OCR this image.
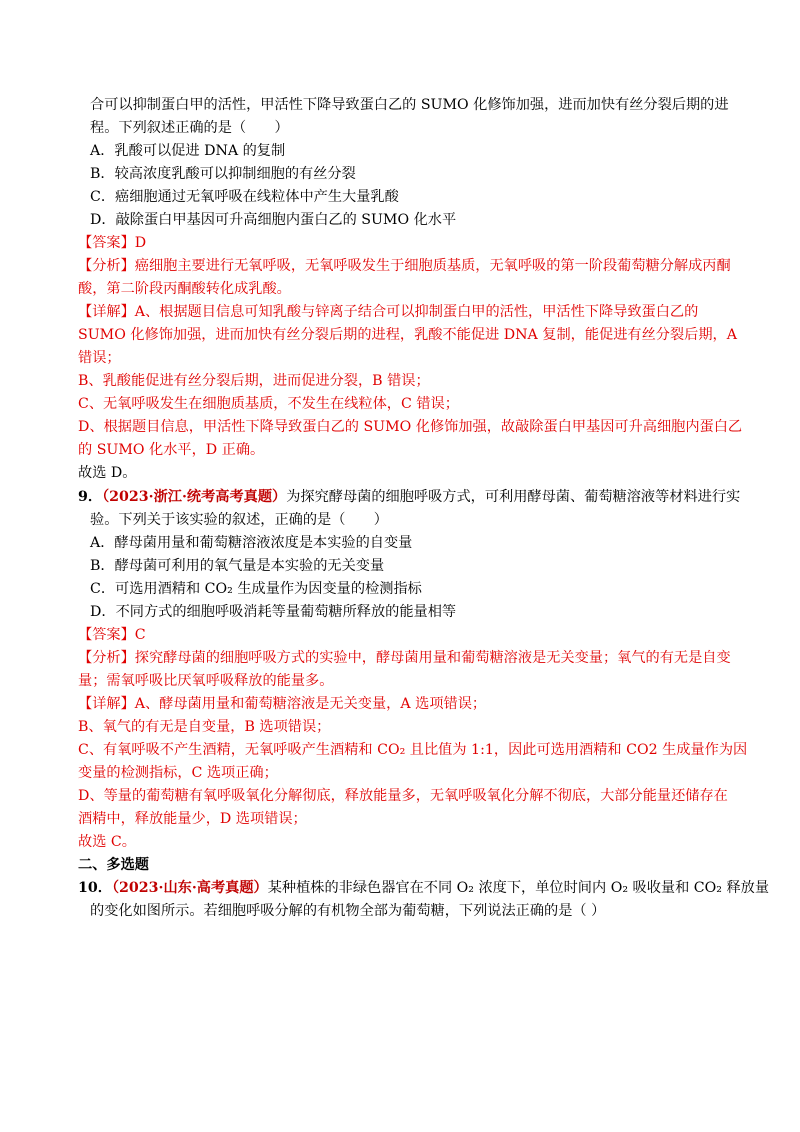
合可以抑制蛋白甲的活性，甲活性下降导致蛋白乙的 SUMO 化修饰加强，进而加快有丝分裂后期的进
程。下列叙述正确的是（　　）
A．乳酸可以促进 DNA 的复制
B．较高浓度乳酸可以抑制细胞的有丝分裂
C．癌细胞通过无氧呼吸在线粒体中产生大量乳酸
D．敲除蛋白甲基因可升高细胞内蛋白乙的 SUMO 化水平
【答案】D
【分析】癌细胞主要进行无氧呼吸，无氧呼吸发生于细胞质基质，无氧呼吸的第一阶段葡萄糖分解成丙酮
酸，第二阶段丙酮酸转化成乳酸。
【详解】A、根据题目信息可知乳酸与锌离子结合可以抑制蛋白甲的活性，甲活性下降导致蛋白乙的
SUMO 化修饰加强，进而加快有丝分裂后期的进程，乳酸不能促进 DNA 复制，能促进有丝分裂后期，A
错误；
B、乳酸能促进有丝分裂后期，进而促进分裂，B 错误；
C、无氧呼吸发生在细胞质基质，不发生在线粒体，C 错误；
D、根据题目信息，甲活性下降导致蛋白乙的 SUMO 化修饰加强，故敲除蛋白甲基因可升高细胞内蛋白乙
的 SUMO 化水平，D 正确。
故选 D。
9．（2023·浙江·统考高考真题）为探究酵母菌的细胞呼吸方式，可利用酵母菌、葡萄糖溶液等材料进行实
验。下列关于该实验的叙述，正确的是（　　）
A．酵母菌用量和葡萄糖溶液浓度是本实验的自变量
B．酵母菌可利用的氧气量是本实验的无关变量
C．可选用酒精和 CO₂ 生成量作为因变量的检测指标
D．不同方式的细胞呼吸消耗等量葡萄糖所释放的能量相等
【答案】C
【分析】探究酵母菌的细胞呼吸方式的实验中，酵母菌用量和葡萄糖溶液是无关变量；氧气的有无是自变
量；需氧呼吸比厌氧呼吸释放的能量多。
【详解】A、酵母菌用量和葡萄糖溶液是无关变量，A 选项错误；
B、氧气的有无是自变量，B 选项错误；
C、有氧呼吸不产生酒精，无氧呼吸产生酒精和 CO₂ 且比值为 1:1，因此可选用酒精和 CO2 生成量作为因
变量的检测指标，C 选项正确；
D、等量的葡萄糖有氧呼吸氧化分解彻底，释放能量多，无氧呼吸氧化分解不彻底，大部分能量还储存在
酒精中，释放能量少，D 选项错误；
故选 C。
二、多选题
10．（2023·山东·高考真题）某种植株的非绿色器官在不同 O₂ 浓度下，单位时间内 O₂ 吸收量和 CO₂ 释放量
的变化如图所示。若细胞呼吸分解的有机物全部为葡萄糖，下列说法正确的是（ ）
